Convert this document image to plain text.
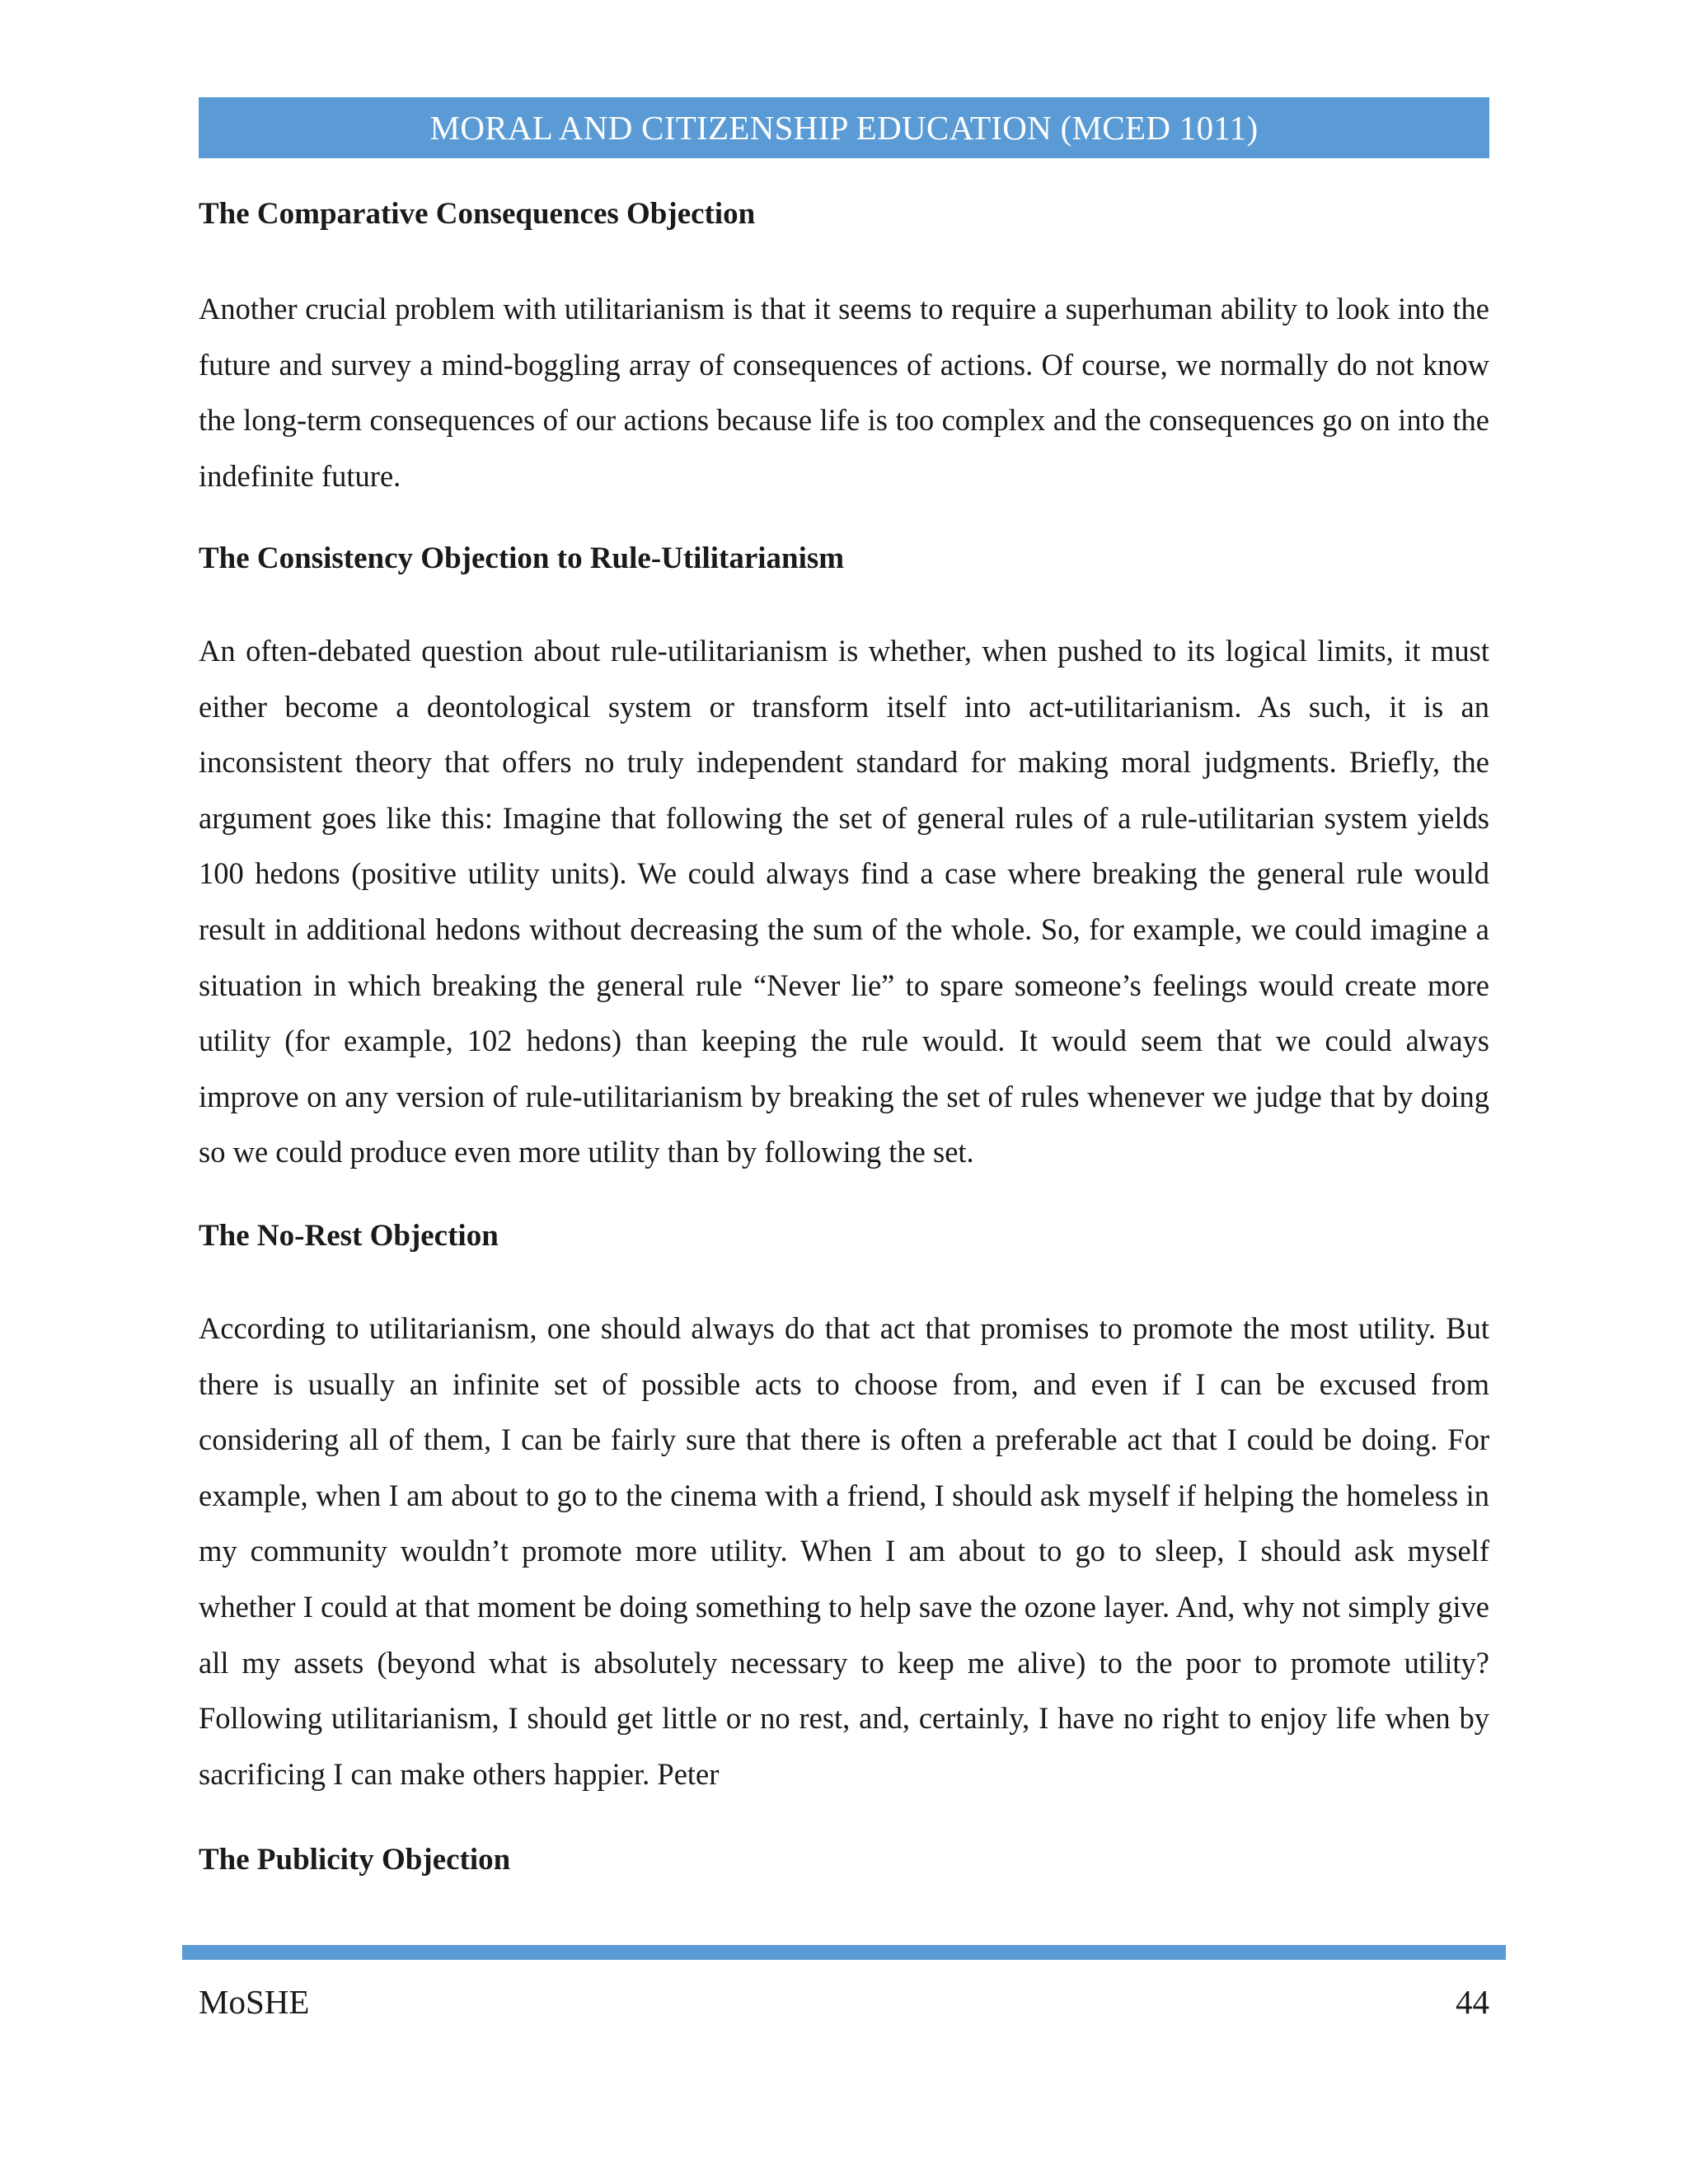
MORAL AND CITIZENSHIP EDUCATION (MCED 1011)
The Comparative Consequences Objection

Another crucial problem with utilitarianism is that it seems to require a superhuman ability to look into the future and survey a mind-boggling array of consequences of actions. Of course, we normally do not know the long-term consequences of our actions because life is too complex and the consequences go on into the indefinite future.

The Consistency Objection to Rule-Utilitarianism

An often-debated question about rule-utilitarianism is whether, when pushed to its logical limits, it must either become a deontological system or transform itself into act-utilitarianism. As such, it is an inconsistent theory that offers no truly independent standard for making moral judgments. Briefly, the argument goes like this: Imagine that following the set of general rules of a rule-utilitarian system yields 100 hedons (positive utility units). We could always find a case where breaking the general rule would result in additional hedons without decreasing the sum of the whole. So, for example, we could imagine a situation in which breaking the general rule “Never lie” to spare someone’s feelings would create more utility (for example, 102 hedons) than keeping the rule would. It would seem that we could always improve on any version of rule-utilitarianism by breaking the set of rules whenever we judge that by doing so we could produce even more utility than by following the set.

The No-Rest Objection

According to utilitarianism, one should always do that act that promises to promote the most utility. But there is usually an infinite set of possible acts to choose from, and even if I can be excused from considering all of them, I can be fairly sure that there is often a preferable act that I could be doing. For example, when I am about to go to the cinema with a friend, I should ask myself if helping the homeless in my community wouldn’t promote more utility. When I am about to go to sleep, I should ask myself whether I could at that moment be doing something to help save the ozone layer. And, why not simply give all my assets (beyond what is absolutely necessary to keep me alive) to the poor to promote utility? Following utilitarianism, I should get little or no rest, and, certainly, I have no right to enjoy life when by sacrificing I can make others happier. Peter

The Publicity Objection
MoSHE	44
